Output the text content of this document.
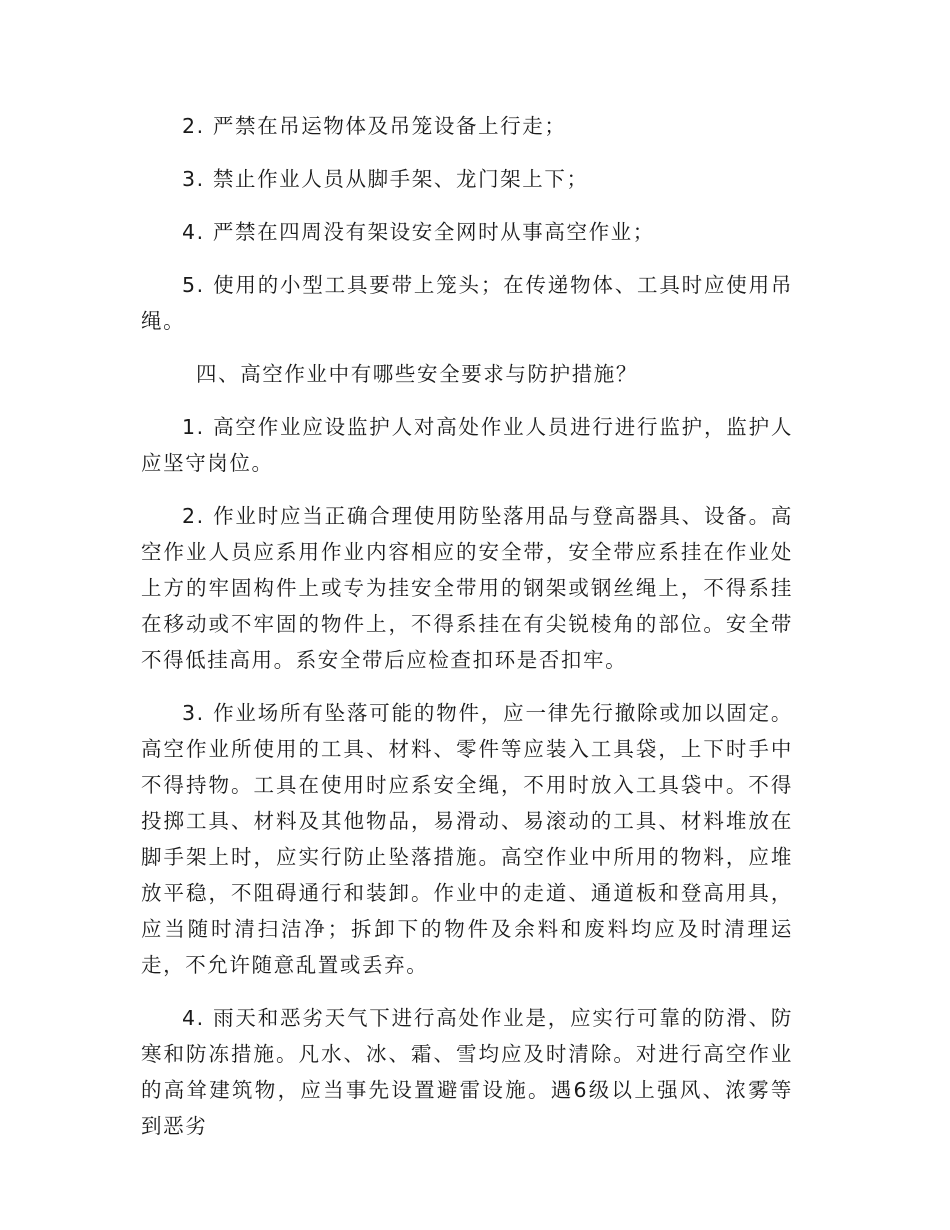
2. 严禁在吊运物体及吊笼设备上行走；

3. 禁止作业人员从脚手架、龙门架上下；

4. 严禁在四周没有架设安全网时从事高空作业；

5. 使用的小型工具要带上笼头；在传递物体、工具时应使用吊绳。

四、高空作业中有哪些安全要求与防护措施？

1. 高空作业应设监护人对高处作业人员进行进行监护，监护人应坚守岗位。

2. 作业时应当正确合理使用防坠落用品与登高器具、设备。高空作业人员应系用作业内容相应的安全带，安全带应系挂在作业处上方的牢固构件上或专为挂安全带用的钢架或钢丝绳上，不得系挂在移动或不牢固的物件上，不得系挂在有尖锐棱角的部位。安全带不得低挂高用。系安全带后应检查扣环是否扣牢。

3. 作业场所有坠落可能的物件，应一律先行撤除或加以固定。高空作业所使用的工具、材料、零件等应装入工具袋，上下时手中不得持物。工具在使用时应系安全绳，不用时放入工具袋中。不得投掷工具、材料及其他物品，易滑动、易滚动的工具、材料堆放在脚手架上时，应实行防止坠落措施。高空作业中所用的物料，应堆放平稳，不阻碍通行和装卸。作业中的走道、通道板和登高用具，应当随时清扫洁净；拆卸下的物件及余料和废料均应及时清理运走，不允许随意乱置或丢弃。

4. 雨天和恶劣天气下进行高处作业是，应实行可靠的防滑、防寒和防冻措施。凡水、冰、霜、雪均应及时清除。对进行高空作业的高耸建筑物，应当事先设置避雷设施。遇6级以上强风、浓雾等到恶劣
